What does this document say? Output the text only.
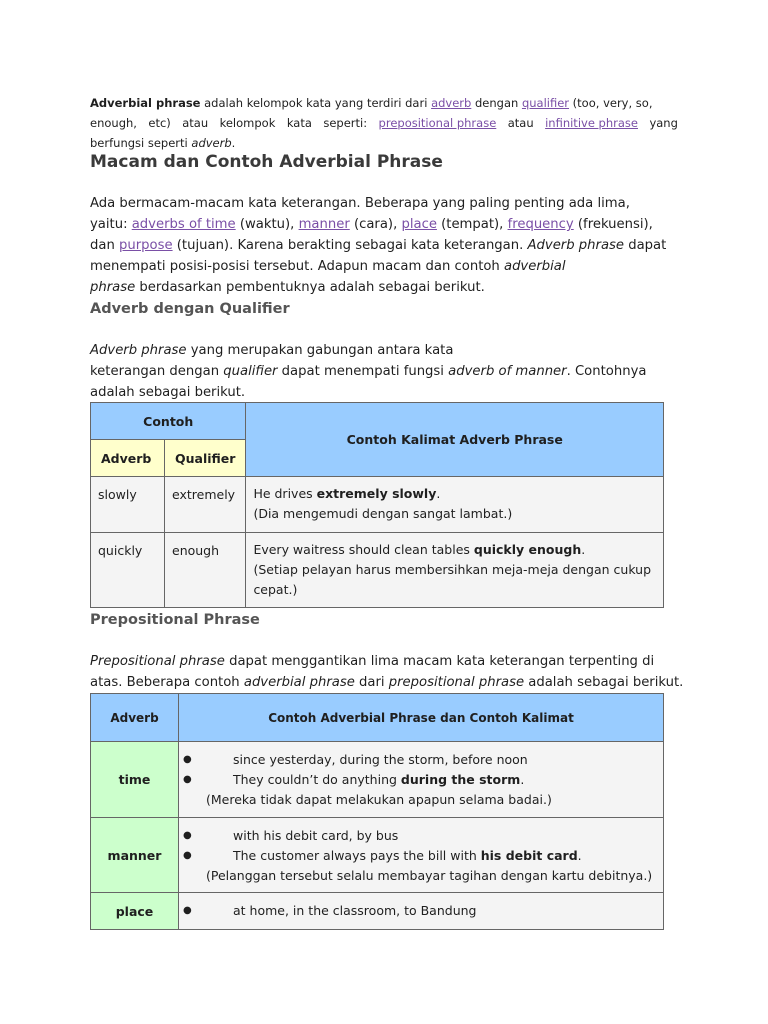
Adverbial phrase adalah kelompok kata yang terdiri dari adverb dengan qualifier (too, very, so,
enough, etc) atau kelompok kata seperti: prepositional phrase atau infinitive phrase yang
berfungsi seperti adverb.
Macam dan Contoh Adverbial Phrase
Ada bermacam-macam kata keterangan. Beberapa yang paling penting ada lima,
yaitu: adverbs of time (waktu), manner (cara), place (tempat), frequency (frekuensi),
dan purpose (tujuan). Karena berakting sebagai kata keterangan. Adverb phrase dapat
menempati posisi-posisi tersebut. Adapun macam dan contoh adverbial
phrase berdasarkan pembentuknya adalah sebagai berikut.
Adverb dengan Qualifier
Adverb phrase yang merupakan gabungan antara kata
keterangan dengan qualifier dapat menempati fungsi adverb of manner. Contohnya
adalah sebagai berikut.
Contoh		Contoh Kalimat Adverb Phrase
Adverb	Qualifier	
slowly	extremely	He drives extremely slowly.
(Dia mengemudi dengan sangat lambat.)

quickly	enough	Every waitress should clean tables quickly enough.
(Setiap pelayan harus membersihkan meja-meja dengan cukup
cepat.)
Prepositional Phrase
Prepositional phrase dapat menggantikan lima macam kata keterangan terpenting di
atas. Beberapa contoh adverbial phrase dari prepositional phrase adalah sebagai berikut.
Adverb	Contoh Adverbial Phrase dan Contoh Kalimat
time	● since yesterday, during the storm, before noon
● They couldn’t do anything during the storm.
(Mereka tidak dapat melakukan apapun selama badai.)

manner	● with his debit card, by bus
● The customer always pays the bill with his debit card.
(Pelanggan tersebut selalu membayar tagihan dengan kartu debitnya.)

place	● at home, in the classroom, to Bandung
